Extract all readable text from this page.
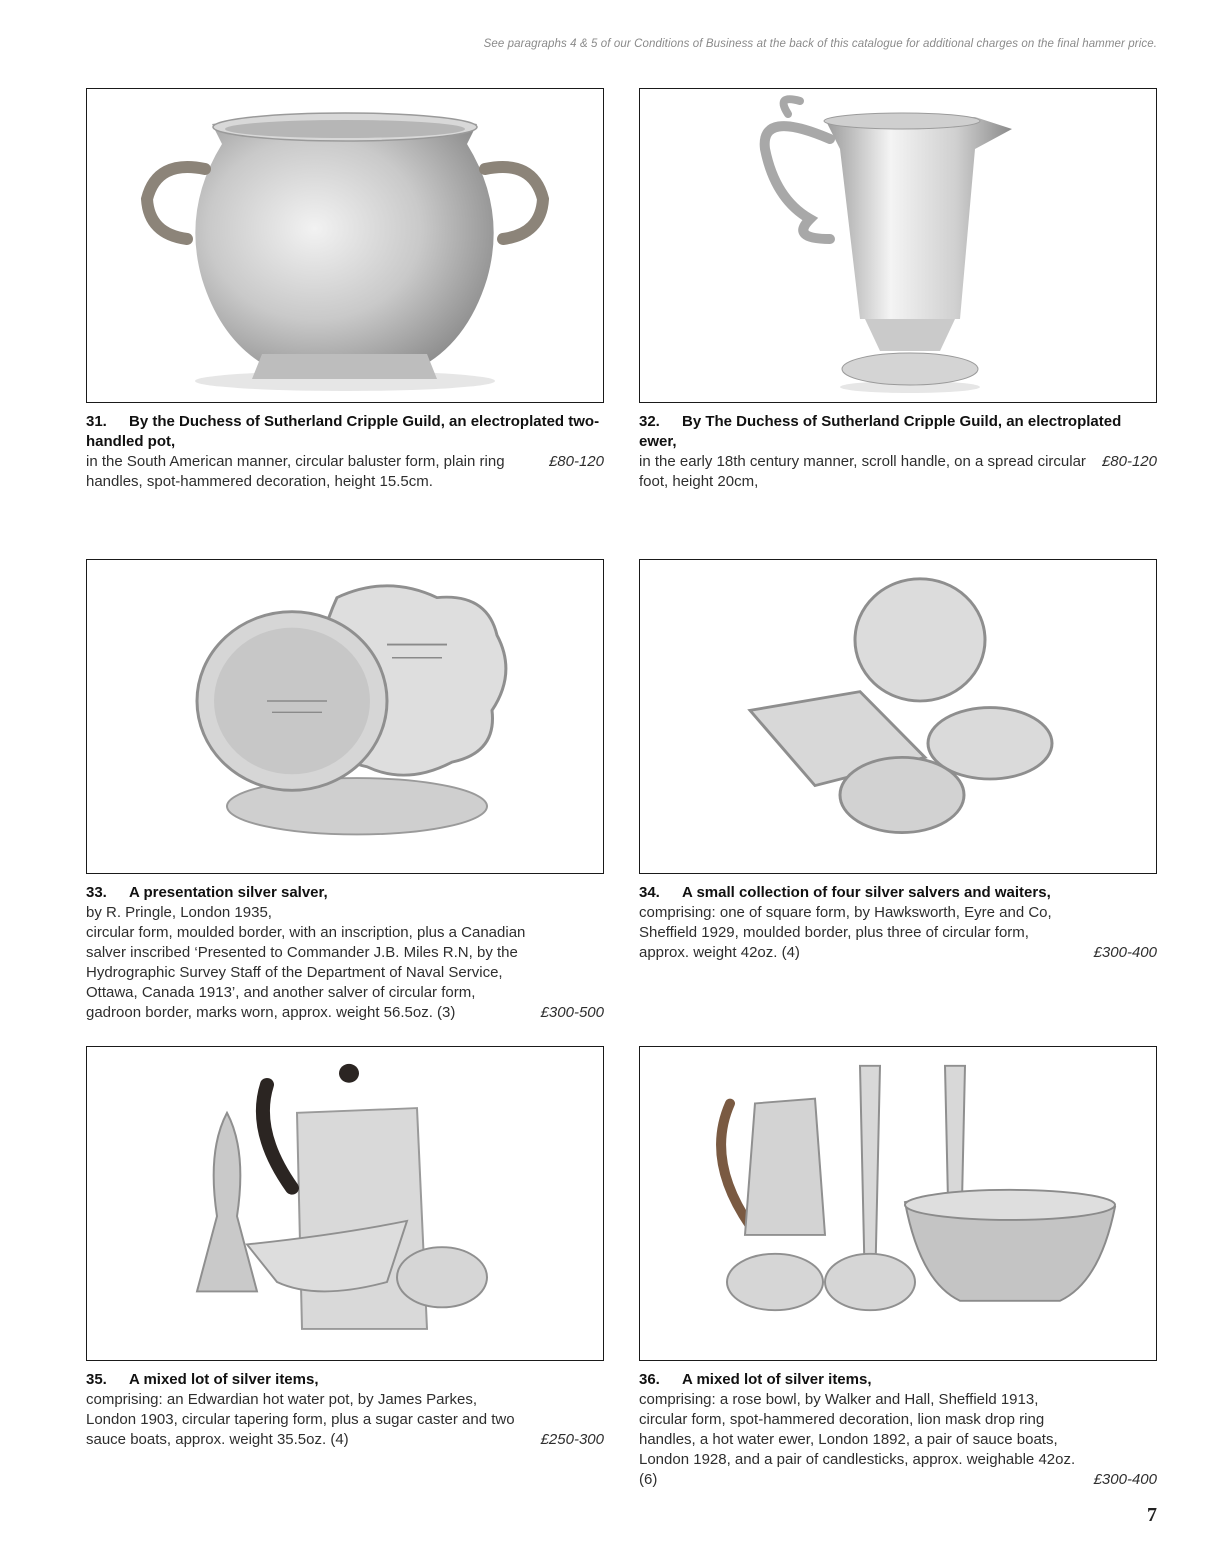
See paragraphs 4 & 5 of our Conditions of Business at the back of this catalogue for additional charges on the final hammer price.
31. By the Duchess of Sutherland Cripple Guild, an electroplated two-handled pot,
in the South American manner, circular baluster form, plain ring handles, spot-hammered decoration, height 15.5cm.
£80-120
32. By The Duchess of Sutherland Cripple Guild, an electroplated ewer,
in the early 18th century manner, scroll handle, on a spread circular foot, height 20cm,
£80-120
33. A presentation silver salver,

by R. Pringle, London 1935,

circular form, moulded border, with an inscription, plus a Canadian salver inscribed ‘Presented to Commander J.B. Miles R.N, by the Hydrographic Survey Staff of the Department of Naval Service, Ottawa, Canada 1913’, and another salver of circular form, gadroon border, marks worn, approx. weight 56.5oz. (3)	£300-500
34. A small collection of four silver salvers and waiters,
comprising: one of square form, by Hawksworth, Eyre and Co, Sheffield 1929, moulded border, plus three of circular form, approx. weight 42oz. (4)	£300-400
35. A mixed lot of silver items,
comprising: an Edwardian hot water pot, by James Parkes, London 1903, circular tapering form, plus a sugar caster and two sauce boats, approx. weight 35.5oz. (4)	£250-300
36. A mixed lot of silver items,
comprising: a rose bowl, by Walker and Hall, Sheffield 1913, circular form, spot-hammered decoration, lion mask drop ring handles, a hot water ewer, London 1892, a pair of sauce boats, London 1928, and a pair of candlesticks, approx. weighable 42oz. (6)	£300-400
7
